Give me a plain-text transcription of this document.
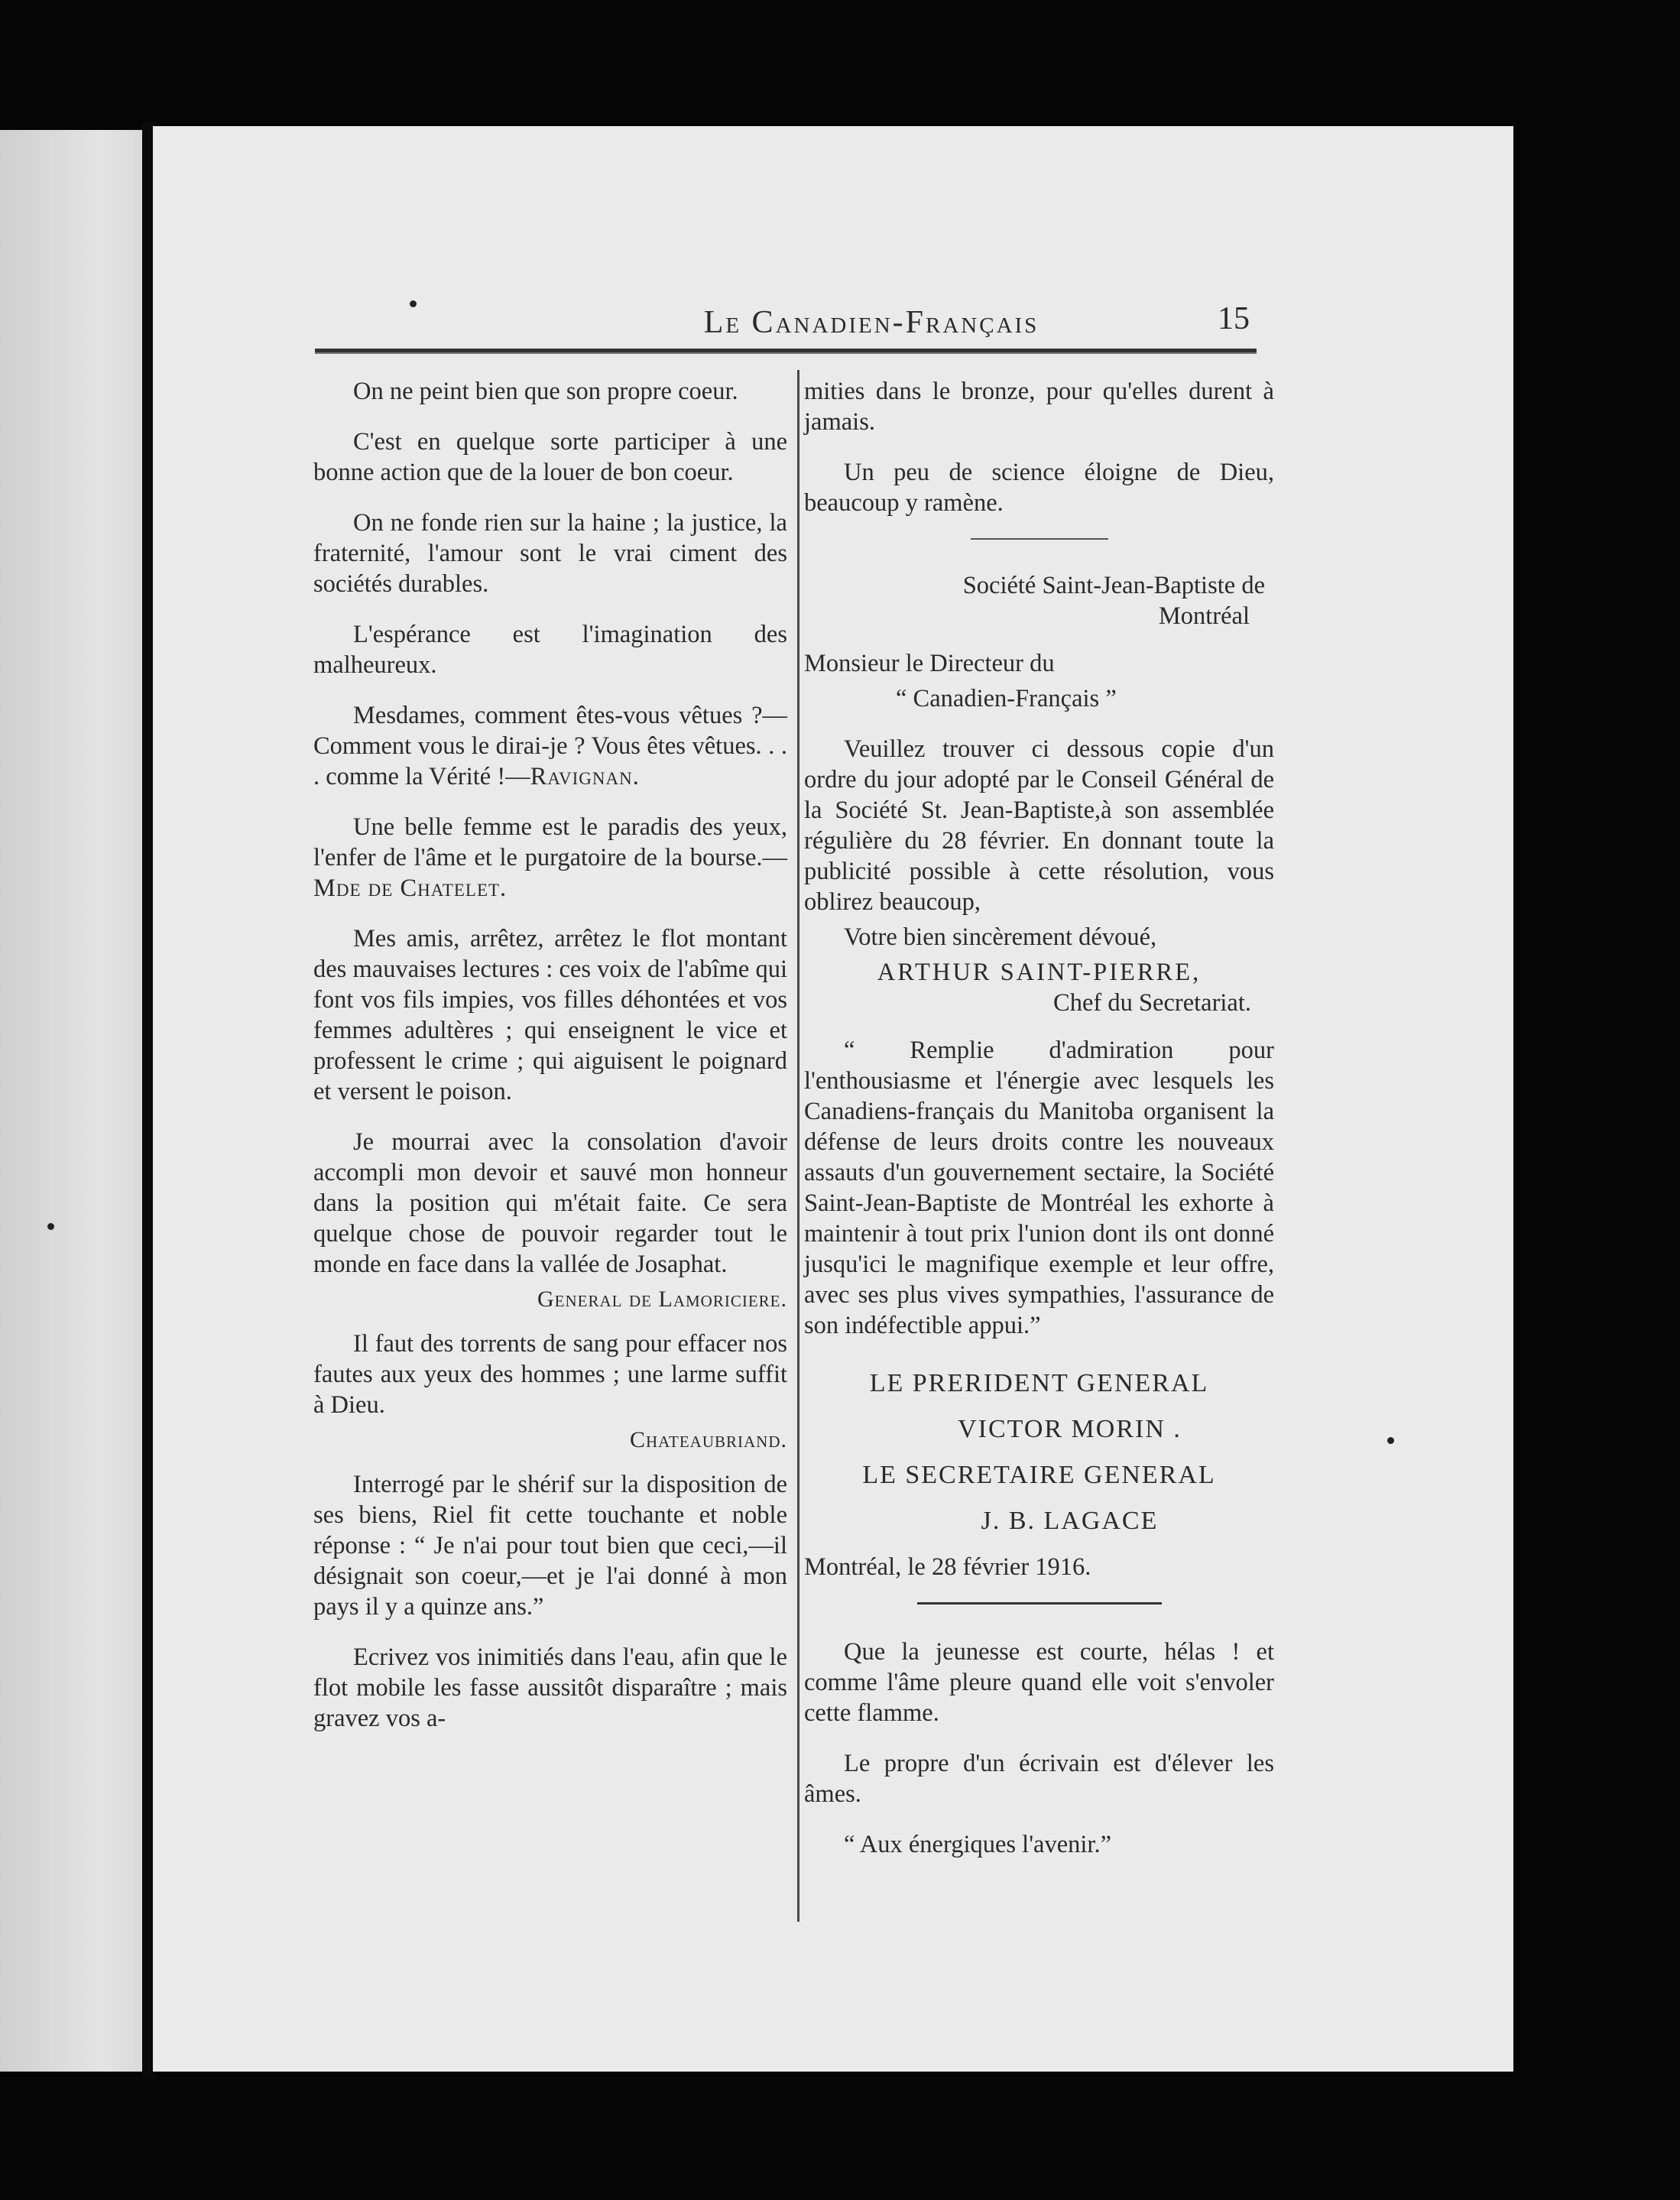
Le Canadien-Français	15

On ne peint bien que son propre coeur.

C'est en quelque sorte participer à une bonne action que de la louer de bon coeur.

On ne fonde rien sur la haine ; la justice, la fraternité, l'amour sont le vrai ciment des sociétés durables.

L'espérance est l'imagination des malheureux.

Mesdames, comment êtes-vous vêtues ?—Comment vous le dirai-je ? Vous êtes vêtues. . . . comme la Vérité !—Ravignan.

Une belle femme est le paradis des yeux, l'enfer de l'âme et le purgatoire de la bourse.—Mde de Chatelet.

Mes amis, arrêtez, arrêtez le flot montant des mauvaises lectures : ces voix de l'abîme qui font vos fils impies, vos filles déhontées et vos femmes adultères ; qui enseignent le vice et professent le crime ; qui aiguisent le poignard et versent le poison.

Je mourrai avec la consolation d'avoir accompli mon devoir et sauvé mon honneur dans la position qui m'était faite. Ce sera quelque chose de pouvoir regarder tout le monde en face dans la vallée de Josaphat.

General de Lamoriciere.

Il faut des torrents de sang pour effacer nos fautes aux yeux des hommes ; une larme suffit à Dieu.

Chateaubriand.

Interrogé par le shérif sur la disposition de ses biens, Riel fit cette touchante et noble réponse : “ Je n'ai pour tout bien que ceci,—il désignait son coeur,—et je l'ai donné à mon pays il y a quinze ans.”

Ecrivez vos inimitiés dans l'eau, afin que le flot mobile les fasse aussitôt disparaître ; mais gravez vos a-

mities dans le bronze, pour qu'elles durent à jamais.

Un peu de science éloigne de Dieu, beaucoup y ramène.

Société Saint-Jean-Baptiste de

Montréal

Monsieur le Directeur du

“ Canadien-Français ”

Veuillez trouver ci dessous copie d'un ordre du jour adopté par le Conseil Général de la Société St. Jean-Baptiste,à son assemblée régulière du 28 février. En donnant toute la publicité possible à cette résolution, vous oblirez beaucoup,

Votre bien sincèrement dévoué,

ARTHUR SAINT-PIERRE,

Chef du Secretariat.

“ Remplie d'admiration pour l'enthousiasme et l'énergie avec lesquels les Canadiens-français du Manitoba organisent la défense de leurs droits contre les nouveaux assauts d'un gouvernement sectaire, la Société Saint-Jean-Baptiste de Montréal les exhorte à maintenir à tout prix l'union dont ils ont donné jusqu'ici le magnifique exemple et leur offre, avec ses plus vives sympathies, l'assurance de son indéfectible appui.”

LE PRERIDENT GENERAL

VICTOR MORIN .

LE SECRETAIRE GENERAL

J. B. LAGACE

Montréal, le 28 février 1916.

Que la jeunesse est courte, hélas ! et comme l'âme pleure quand elle voit s'envoler cette flamme.

Le propre d'un écrivain est d'élever les âmes.

“ Aux énergiques l'avenir.”
